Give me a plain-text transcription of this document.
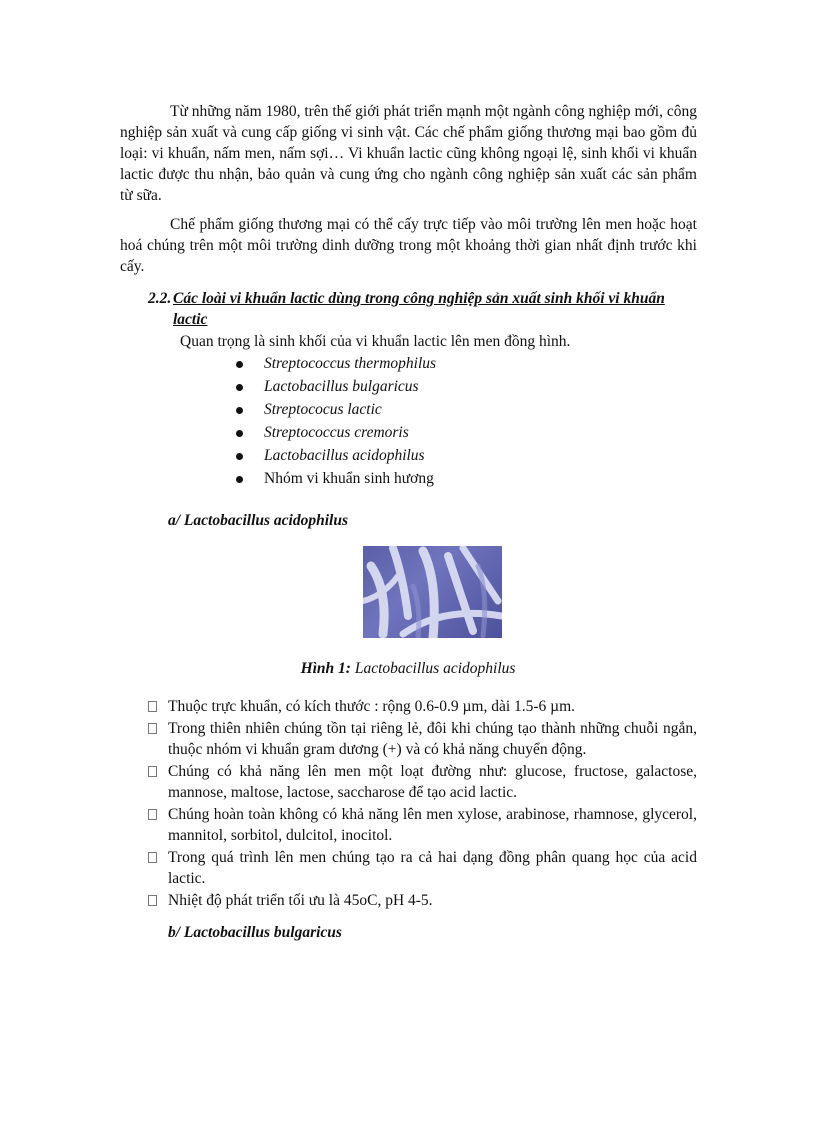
Từ những năm 1980, trên thế giới phát triển mạnh một ngành công nghiệp mới, công nghiệp sản xuất và cung cấp giống vi sinh vật. Các chế phẩm giống thương mại bao gồm đủ loại: vi khuẩn, nấm men, nấm sợi… Vi khuẩn lactic cũng không ngoại lệ, sinh khối vi khuẩn lactic được thu nhận, bảo quản và cung ứng cho ngành công nghiệp sản xuất các sản phẩm từ sữa.

Chế phẩm giống thương mại có thể cấy trực tiếp vào môi trường lên men hoặc hoạt hoá chúng trên một môi trường dinh dưỡng trong một khoảng thời gian nhất định trước khi cấy.

2.2. Các loài vi khuẩn lactic dùng trong công nghiệp sản xuất sinh khối vi khuẩn lactic

Quan trọng là sinh khối của vi khuẩn lactic lên men đồng hình.

Streptococcus thermophilus
Lactobacillus bulgaricus
Streptococus lactic
Streptococcus cremoris
Lactobacillus acidophilus
Nhóm vi khuẩn sinh hương

a/ Lactobacillus acidophilus

Hình 1: Lactobacillus acidophilus

Thuộc trực khuẩn, có kích thước : rộng 0.6-0.9 µm, dài 1.5-6 µm.
Trong thiên nhiên chúng tồn tại riêng lẻ, đôi khi chúng tạo thành những chuỗi ngắn, thuộc nhóm vi khuẩn gram dương (+) và có khả năng chuyển động.
Chúng có khả năng lên men một loạt đường như: glucose, fructose, galactose, mannose, maltose, lactose, saccharose để tạo acid lactic.
Chúng hoàn toàn không có khả năng lên men xylose, arabinose, rhamnose, glycerol, mannitol, sorbitol, dulcitol, inocitol.
Trong quá trình lên men chúng tạo ra cả hai dạng đồng phân quang học của acid lactic.
Nhiệt độ phát triển tối ưu là 45oC, pH 4-5.

b/ Lactobacillus bulgaricus
